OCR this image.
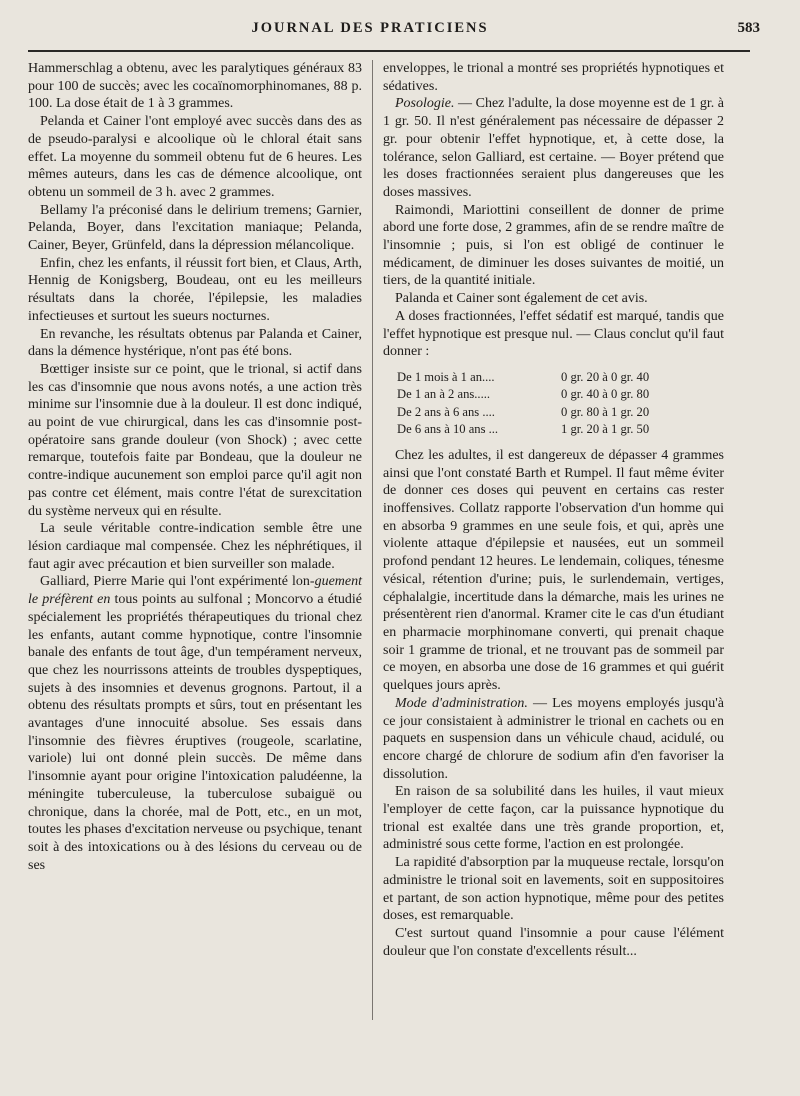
JOURNAL DES PRATICIENS	583

Hammerschlag a obtenu, avec les paralytiques généraux 83 pour 100 de succès; avec les cocaïnomorphinomanes, 88 p. 100. La dose était de 1 à 3 grammes.

Pelanda et Cainer l'ont employé avec succès dans des as de pseudo-paralysi e alcoolique où le chloral était sans effet. La moyenne du sommeil obtenu fut de 6 heures. Les mêmes auteurs, dans les cas de démence alcoolique, ont obtenu un sommeil de 3 h. avec 2 grammes.

Bellamy l'a préconisé dans le delirium tremens; Garnier, Pelanda, Boyer, dans l'excitation maniaque; Pelanda, Cainer, Beyer, Grünfeld, dans la dépression mélancolique.

Enfin, chez les enfants, il réussit fort bien, et Claus, Arth, Hennig de Konigsberg, Boudeau, ont eu les meilleurs résultats dans la chorée, l'épilepsie, les maladies infectieuses et surtout les sueurs nocturnes.

En revanche, les résultats obtenus par Palanda et Cainer, dans la démence hystérique, n'ont pas été bons.

Bœttiger insiste sur ce point, que le trional, si actif dans les cas d'insomnie que nous avons notés, a une action très minime sur l'insomnie due à la douleur. Il est donc indiqué, au point de vue chirurgical, dans les cas d'insomnie post-opératoire sans grande douleur (von Shock) ; avec cette remarque, toutefois faite par Bondeau, que la douleur ne contre-indique aucunement son emploi parce qu'il agit non pas contre cet élément, mais contre l'état de surexcitation du système nerveux qui en résulte.

La seule véritable contre-indication semble être une lésion cardiaque mal compensée. Chez les néphrétiques, il faut agir avec précaution et bien surveiller son malade.

Galliard, Pierre Marie qui l'ont expérimenté lon-guement le préfèrent en tous points au sulfonal ; Moncorvo a étudié spécialement les propriétés thérapeutiques du trional chez les enfants, autant comme hypnotique, contre l'insomnie banale des enfants de tout âge, d'un tempérament nerveux, que chez les nourrissons atteints de troubles dyspeptiques, sujets à des insomnies et devenus grognons. Partout, il a obtenu des résultats prompts et sûrs, tout en présentant les avantages d'une innocuité absolue. Ses essais dans l'insomnie des fièvres éruptives (rougeole, scarlatine, variole) lui ont donné plein succès. De même dans l'insomnie ayant pour origine l'intoxication paludéenne, la méningite tuberculeuse, la tuberculose subaiguë ou chronique, dans la chorée, mal de Pott, etc., en un mot, toutes les phases d'excitation nerveuse ou psychique, tenant soit à des intoxications ou à des lésions du cerveau ou de ses

enveloppes, le trional a montré ses propriétés hypnotiques et sédatives.

Posologie. — Chez l'adulte, la dose moyenne est de 1 gr. à 1 gr. 50. Il n'est généralement pas nécessaire de dépasser 2 gr. pour obtenir l'effet hypnotique, et, à cette dose, la tolérance, selon Galliard, est certaine. — Boyer prétend que les doses fractionnées seraient plus dangereuses que les doses massives.

Raimondi, Mariottini conseillent de donner de prime abord une forte dose, 2 grammes, afin de se rendre maître de l'insomnie ; puis, si l'on est obligé de continuer le médicament, de diminuer les doses suivantes de moitié, un tiers, de la quantité initiale.

Palanda et Cainer sont également de cet avis.

A doses fractionnées, l'effet sédatif est marqué, tandis que l'effet hypnotique est presque nul. — Claus conclut qu'il faut donner :

De 1 mois à 1 an....	0 gr. 20 à 0 gr. 40
De 1 an à 2 ans.....	0 gr. 40 à 0 gr. 80
De 2 ans à 6 ans ....	0 gr. 80 à 1 gr. 20
De 6 ans à 10 ans ...	1 gr. 20 à 1 gr. 50

Chez les adultes, il est dangereux de dépasser 4 grammes ainsi que l'ont constaté Barth et Rumpel. Il faut même éviter de donner ces doses qui peuvent en certains cas rester inoffensives. Collatz rapporte l'observation d'un homme qui en absorba 9 grammes en une seule fois, et qui, après une violente attaque d'épilepsie et nausées, eut un sommeil profond pendant 12 heures. Le lendemain, coliques, ténesme vésical, rétention d'urine; puis, le surlendemain, vertiges, céphalalgie, incertitude dans la démarche, mais les urines ne présentèrent rien d'anormal. Kramer cite le cas d'un étudiant en pharmacie morphinomane converti, qui prenait chaque soir 1 gramme de trional, et ne trouvant pas de sommeil par ce moyen, en absorba une dose de 16 grammes et qui guérit quelques jours après.

Mode d'administration. — Les moyens employés jusqu'à ce jour consistaient à administrer le trional en cachets ou en paquets en suspension dans un véhicule chaud, acidulé, ou encore chargé de chlorure de sodium afin d'en favoriser la dissolution.

En raison de sa solubilité dans les huiles, il vaut mieux l'employer de cette façon, car la puissance hypnotique du trional est exaltée dans une très grande proportion, et, administré sous cette forme, l'action en est prolongée.

La rapidité d'absorption par la muqueuse rectale, lorsqu'on administre le trional soit en lavements, soit en suppositoires et partant, de son action hypnotique, même pour des petites doses, est remarquable.

C'est surtout quand l'insomnie a pour cause l'élément douleur que l'on constate d'excellents résult...
